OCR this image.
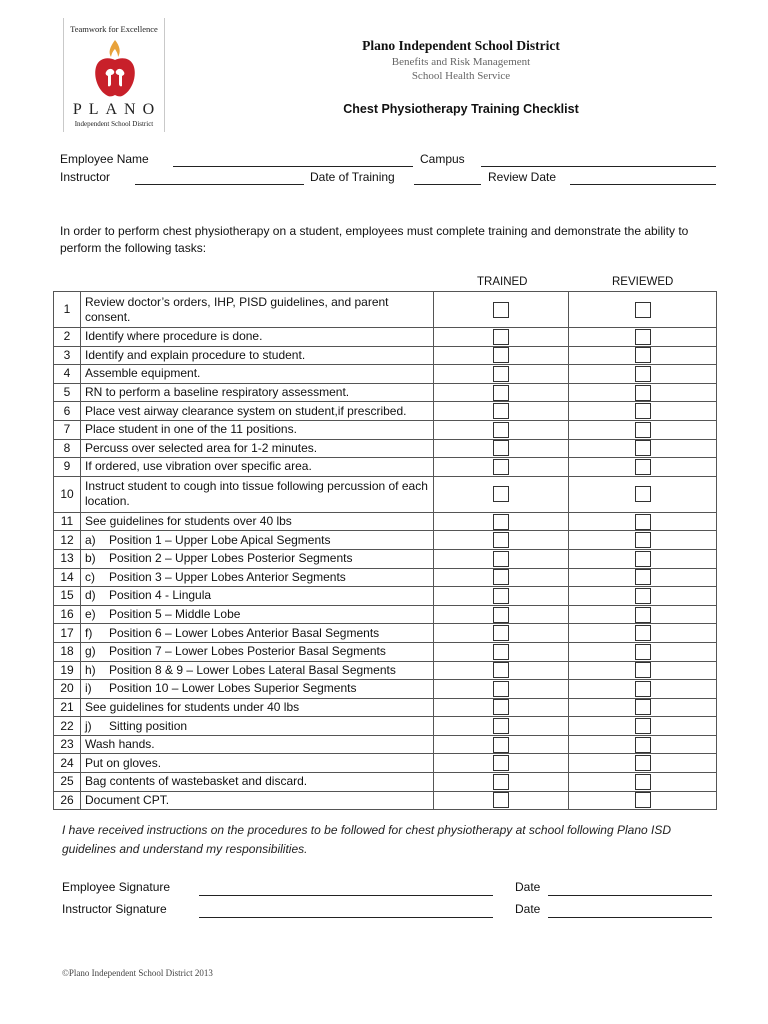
Teamwork for Excellence
PLANO
Independent School District
Plano Independent School District
Benefits and Risk Management
School Health Service
Chest Physiotherapy Training Checklist
Employee Name	Campus
Instructor	Date of Training	Review Date
In order to perform chest physiotherapy on a student, employees must complete training and demonstrate the ability to perform the following tasks:
TRAINED	REVIEWED
1	Review doctor’s orders, IHP, PISD guidelines, and parent consent.		
2	Identify where procedure is done.		
3	Identify and explain procedure to student.		
4	Assemble equipment.		
5	RN to perform a baseline respiratory assessment.		
6	Place vest airway clearance system on student,if prescribed.		
7	Place student in one of the 11 positions.		
8	Percuss over selected area for 1-2 minutes.		
9	If ordered, use vibration over specific area.		
10	Instruct student to cough into tissue following percussion of each location.		
11	See guidelines for students over 40 lbs		
12	a) Position 1 – Upper Lobe Apical Segments		
13	b) Position 2 – Upper Lobes Posterior Segments		
14	c) Position 3 – Upper Lobes Anterior Segments		
15	d) Position 4 - Lingula		
16	e) Position 5 – Middle Lobe		
17	f) Position 6 – Lower Lobes Anterior Basal Segments		
18	g) Position 7 – Lower Lobes Posterior Basal Segments		
19	h) Position 8 & 9 – Lower Lobes Lateral Basal Segments		
20	i) Position 10 – Lower Lobes Superior Segments		
21	See guidelines for students under 40 lbs		
22	j) Sitting position		
23	Wash hands.		
24	Put on gloves.		
25	Bag contents of wastebasket and discard.		
26	Document CPT.		
I have received instructions on the procedures to be followed for chest physiotherapy at school following Plano ISD guidelines and understand my responsibilities.
Employee Signature	Date
Instructor Signature	Date
©Plano Independent School District 2013
